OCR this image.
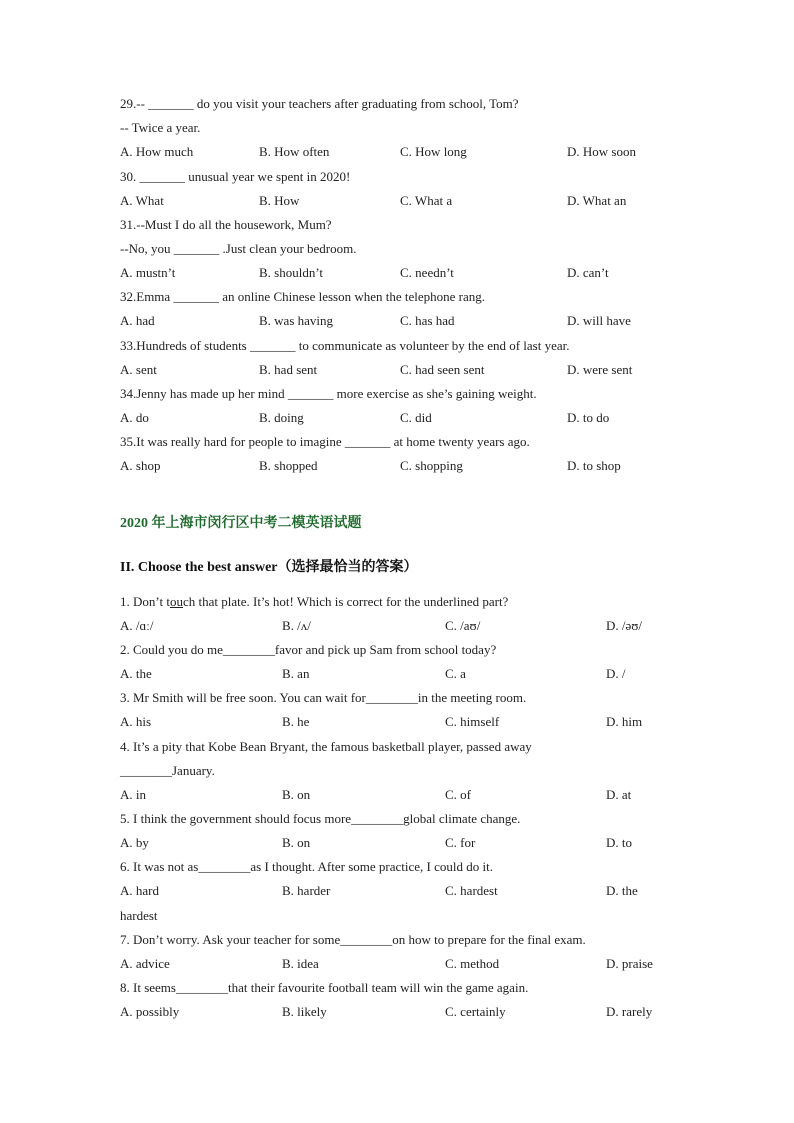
29.-- _______ do you visit your teachers after graduating from school, Tom?
-- Twice a year.
A. How much	B. How often	C. How long	D. How soon
30. _______ unusual year we spent in 2020!
A. What	B. How	C. What a	D. What an
31.--Must I do all the housework, Mum?
--No, you _______ .Just clean your bedroom.
A. mustn’t	B. shouldn’t	C. needn’t	D. can’t
32.Emma _______ an online Chinese lesson when the telephone rang.
A. had	B. was having	C. has had	D. will have
33.Hundreds of students _______ to communicate as volunteer by the end of last year.
A. sent	B. had sent	C. had seen sent	D. were sent
34.Jenny has made up her mind _______ more exercise as she’s gaining weight.
A. do	B. doing	C. did	D. to do
35.It was really hard for people to imagine _______ at home twenty years ago.
A. shop	B. shopped	C. shopping	D. to shop
2020 年上海市闵行区中考二模英语试题
II. Choose the best answer（选择最恰当的答案）
1. Don’t touch that plate. It’s hot! Which is correct for the underlined part?
A. /ɑː/	B. /ʌ/	C. /aʊ/	D. /əʊ/
2. Could you do me________favor and pick up Sam from school today?
A. the	B. an	C. a	D. /
3. Mr Smith will be free soon. You can wait for________in the meeting room.
A. his	B. he	C. himself	D. him
4. It’s a pity that Kobe Bean Bryant, the famous basketball player, passed away
________January.
A. in	B. on	C. of	D. at
5. I think the government should focus more________global climate change.
A. by	B. on	C. for	D. to
6. It was not as________as I thought. After some practice, I could do it.
A. hard	B. harder	C. hardest	D. the
hardest
7. Don’t worry. Ask your teacher for some________on how to prepare for the final exam.
A. advice	B. idea	C. method	D. praise
8. It seems________that their favourite football team will win the game again.
A. possibly	B. likely	C. certainly	D. rarely
